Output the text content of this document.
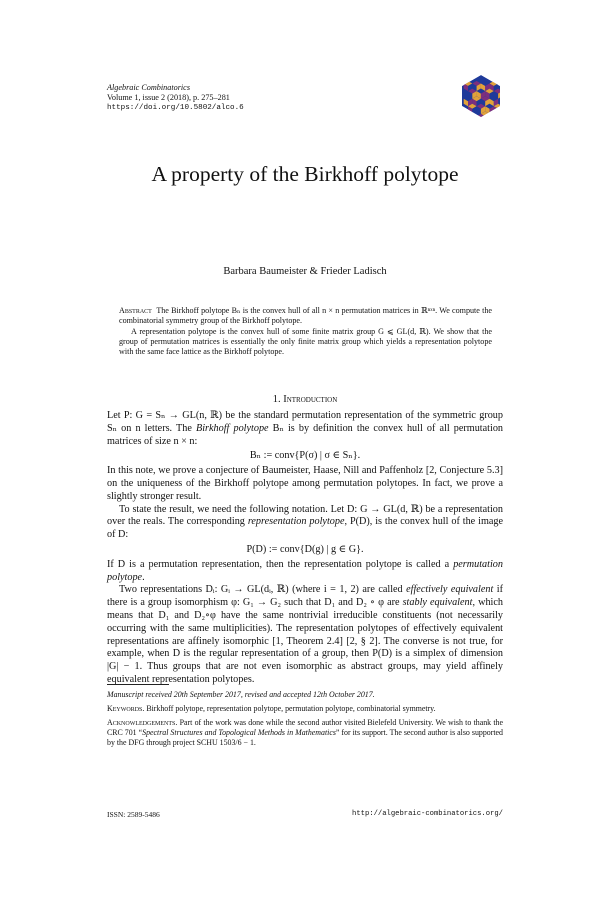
Algebraic Combinatorics
Volume 1, issue 2 (2018), p. 275–281
https://doi.org/10.5802/alco.6
A property of the Birkhoff polytope
Barbara Baumeister & Frieder Ladisch

Abstract The Birkhoff polytope Bₙ is the convex hull of all n × n permutation matrices in ℝⁿˣⁿ. We compute the combinatorial symmetry group of the Birkhoff polytope.

A representation polytope is the convex hull of some finite matrix group G ⩽ GL(d, ℝ). We show that the group of permutation matrices is essentially the only finite matrix group which yields a representation polytope with the same face lattice as the Birkhoff polytope.

1. Introduction

Let P: G = Sₙ → GL(n, ℝ) be the standard permutation representation of the symmetric group Sₙ on n letters. The Birkhoff polytope Bₙ is by definition the convex hull of all permutation matrices of size n × n:

Bₙ := conv{P(σ) | σ ∈ Sₙ}.

In this note, we prove a conjecture of Baumeister, Haase, Nill and Paffenholz [2, Conjecture 5.3] on the uniqueness of the Birkhoff polytope among permutation polytopes. In fact, we prove a slightly stronger result.

To state the result, we need the following notation. Let D: G → GL(d, ℝ) be a representation over the reals. The corresponding representation polytope, P(D), is the convex hull of the image of D:

P(D) := conv{D(g) | g ∈ G}.

If D is a permutation representation, then the representation polytope is called a permutation polytope.

Two representations Dᵢ: Gᵢ → GL(dᵢ, ℝ) (where i = 1, 2) are called effectively equivalent if there is a group isomorphism φ: G₁ → G₂ such that D₁ and D₂ ∘ φ are stably equivalent, which means that D₁ and D₂∘φ have the same nontrivial irreducible constituents (not necessarily occurring with the same multiplicities). The representation polytopes of effectively equivalent representations are affinely isomorphic [1, Theorem 2.4] [2, § 2]. The converse is not true, for example, when D is the regular representation of a group, then P(D) is a simplex of dimension |G| − 1. Thus groups that are not even isomorphic as abstract groups, may yield affinely equivalent representation polytopes.

Manuscript received 20th September 2017, revised and accepted 12th October 2017.

Keywords. Birkhoff polytope, representation polytope, permutation polytope, combinatorial symmetry.

Acknowledgements. Part of the work was done while the second author visited Bielefeld University. We wish to thank the CRC 701 “Spectral Structures and Topological Methods in Mathematics” for its support. The second author is also supported by the DFG through project SCHU 1503/6 − 1.

ISSN: 2589-5486	http://algebraic-combinatorics.org/
